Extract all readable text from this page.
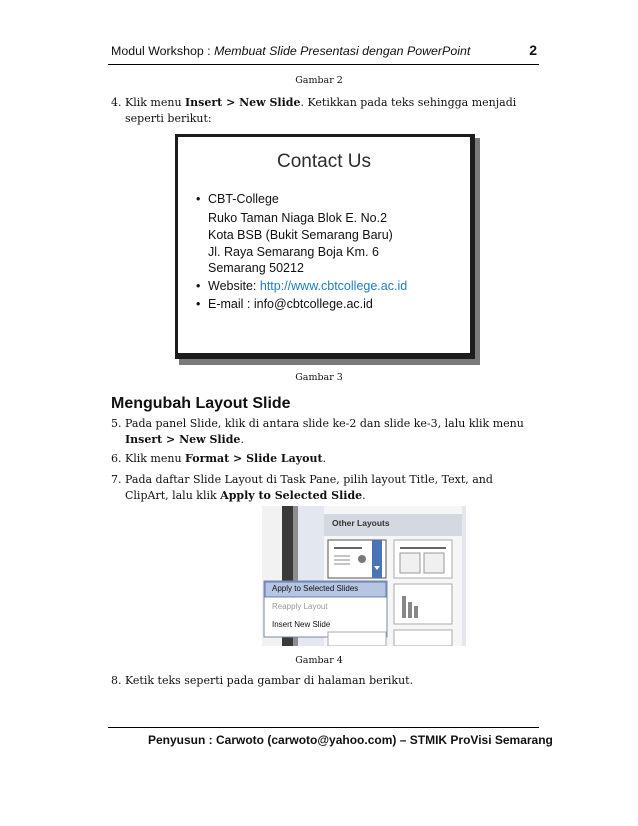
Modul Workshop : Membuat Slide Presentasi dengan PowerPoint	2
Gambar 2
4. Klik menu Insert > New Slide. Ketikkan pada teks sehingga menjadi seperti berikut:
Contact Us
• CBT-College
Ruko Taman Niaga Blok E. No.2
Kota BSB (Bukit Semarang Baru)
Jl. Raya Semarang Boja Km. 6
Semarang 50212
• Website: http://www.cbtcollege.ac.id
• E-mail : info@cbtcollege.ac.id
Gambar 3
Mengubah Layout Slide
5. Pada panel Slide, klik di antara slide ke-2 dan slide ke-3, lalu klik menu Insert > New Slide.
6. Klik menu Format > Slide Layout.
7. Pada daftar Slide Layout di Task Pane, pilih layout Title, Text, and ClipArt, lalu klik Apply to Selected Slide.
Other Layouts
Apply to Selected Slides
Reapply Layout
Insert New Slide
Gambar 4
8. Ketik teks seperti pada gambar di halaman berikut.
Penyusun : Carwoto (carwoto@yahoo.com) – STMIK ProVisi Semarang
